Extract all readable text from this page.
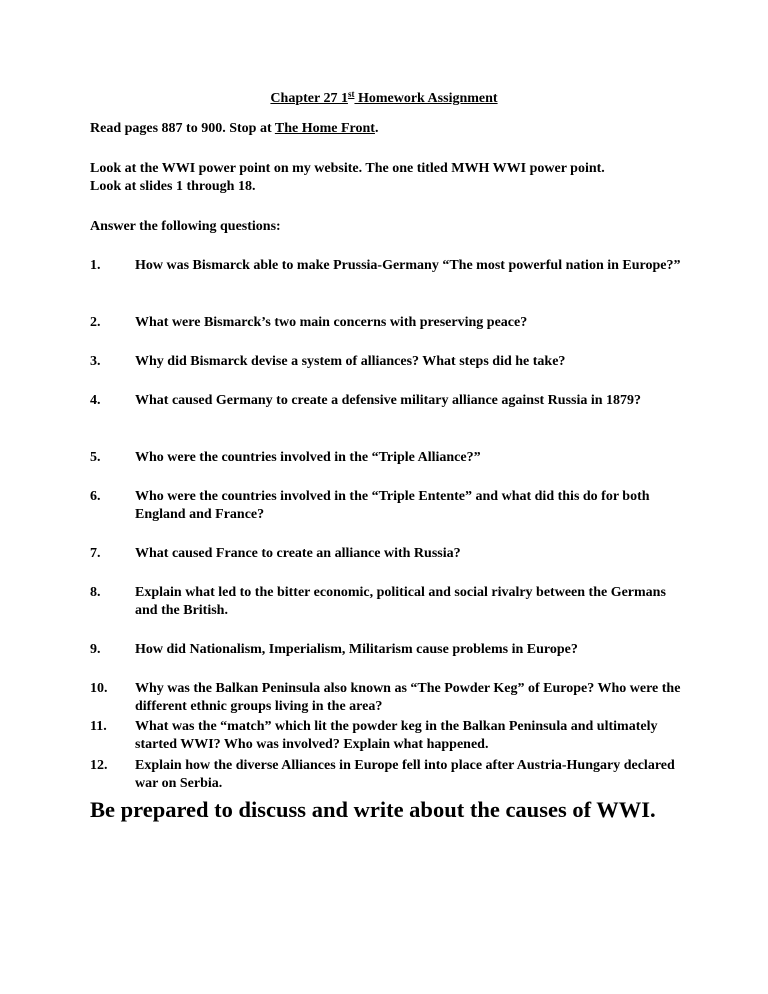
Chapter 27 1st Homework Assignment
Read pages 887 to 900. Stop at The Home Front.
Look at the WWI power point on my website. The one titled MWH WWI power point.
Look at slides 1 through 18.
Answer the following questions:
1.	How was Bismarck able to make Prussia-Germany “The most powerful nation in Europe?”
2.	What were Bismarck’s two main concerns with preserving peace?
3.	Why did Bismarck devise a system of alliances? What steps did he take?
4.	What caused Germany to create a defensive military alliance against Russia in 1879?
5.	Who were the countries involved in the “Triple Alliance?”
6.	Who were the countries involved in the “Triple Entente” and what did this do for both England and France?
7.	What caused France to create an alliance with Russia?
8.	Explain what led to the bitter economic, political and social rivalry between the Germans and the British.
9.	How did Nationalism, Imperialism, Militarism cause problems in Europe?
10.	Why was the Balkan Peninsula also known as “The Powder Keg” of Europe? Who were the different ethnic groups living in the area?
11.	What was the “match” which lit the powder keg in the Balkan Peninsula and ultimately started WWI? Who was involved? Explain what happened.
12.	Explain how the diverse Alliances in Europe fell into place after Austria-Hungary declared war on Serbia.
Be prepared to discuss and write about the causes of WWI.
